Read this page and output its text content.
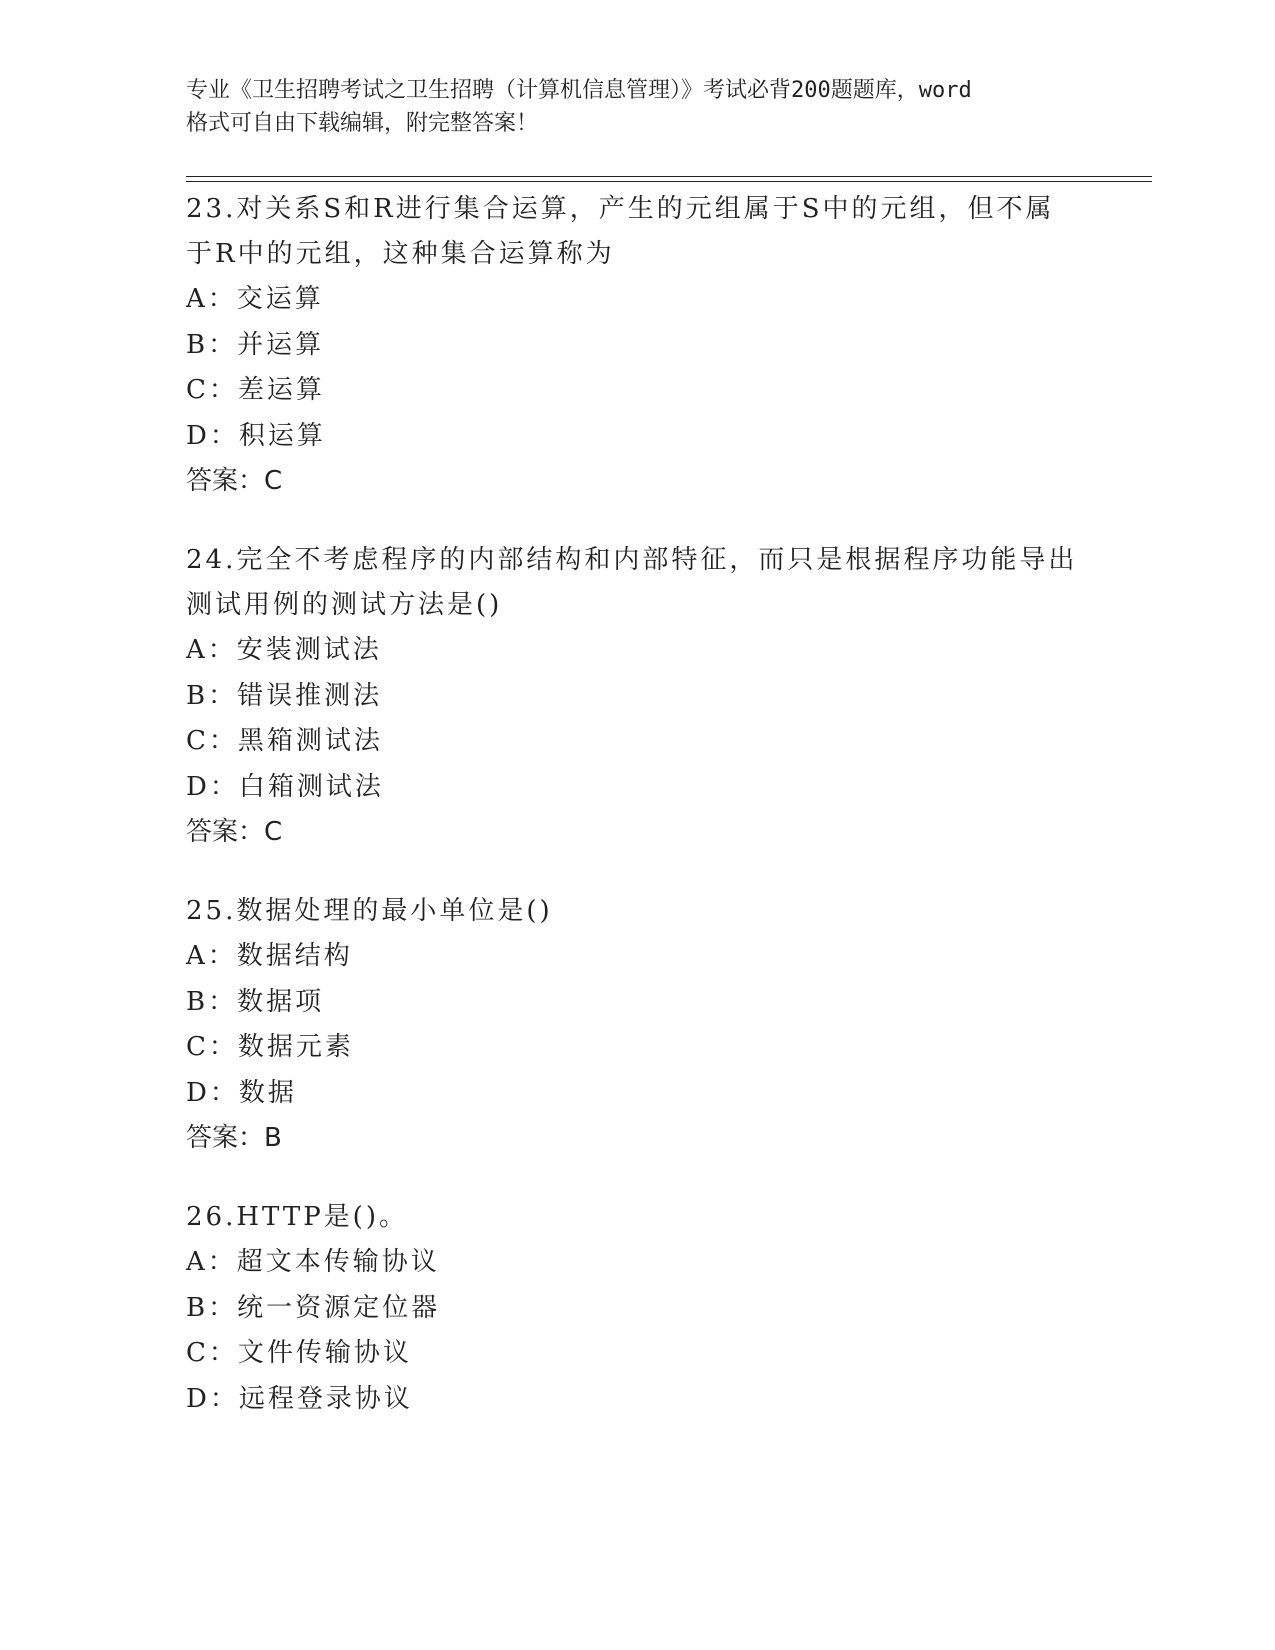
专业《卫生招聘考试之卫生招聘（计算机信息管理）》考试必背200题题库，word
格式可自由下载编辑，附完整答案！
23.对关系S和R进行集合运算，产生的元组属于S中的元组，但不属
于R中的元组，这种集合运算称为
A：交运算
B：并运算
C：差运算
D：积运算
答案：C
24.完全不考虑程序的内部结构和内部特征，而只是根据程序功能导出
测试用例的测试方法是()
A：安装测试法
B：错误推测法
C：黑箱测试法
D：白箱测试法
答案：C
25.数据处理的最小单位是()
A：数据结构
B：数据项
C：数据元素
D：数据
答案：B
26.HTTP是()。
A：超文本传输协议
B：统一资源定位器
C：文件传输协议
D：远程登录协议
